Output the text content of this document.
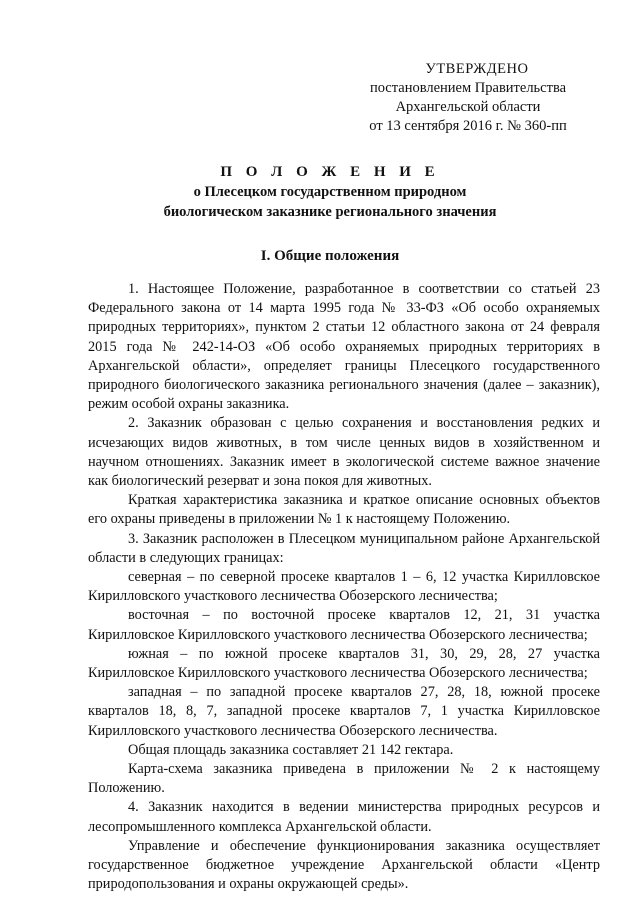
УТВЕРЖДЕНО
постановлением Правительства
Архангельской области
от 13 сентября 2016 г. № 360-пп
П О Л О Ж Е Н И Е
о Плесецком государственном природном
биологическом заказнике регионального значения
I. Общие положения

1. Настоящее Положение, разработанное в соответствии со статьей 23 Федерального закона от 14 марта 1995 года № 33-ФЗ «Об особо охраняемых природных территориях», пунктом 2 статьи 12 областного закона от 24 февраля 2015 года № 242-14-ОЗ «Об особо охраняемых природных территориях в Архангельской области», определяет границы Плесецкого государственного природного биологического заказника регионального значения (далее – заказник), режим особой охраны заказника.

2. Заказник образован с целью сохранения и восстановления редких и исчезающих видов животных, в том числе ценных видов в хозяйственном и научном отношениях. Заказник имеет в экологической системе важное значение как биологический резерват и зона покоя для животных.

Краткая характеристика заказника и краткое описание основных объектов его охраны приведены в приложении № 1 к настоящему Положению.

3. Заказник расположен в Плесецком муниципальном районе Архангельской области в следующих границах:

северная – по северной просеке кварталов 1 – 6, 12 участка Кирилловское Кирилловского участкового лесничества Обозерского лесничества;

восточная – по восточной просеке кварталов 12, 21, 31 участка Кирилловское Кирилловского участкового лесничества Обозерского лесничества;

южная – по южной просеке кварталов 31, 30, 29, 28, 27 участка Кирилловское Кирилловского участкового лесничества Обозерского лесничества;

западная – по западной просеке кварталов 27, 28, 18, южной просеке кварталов 18, 8, 7, западной просеке кварталов 7, 1 участка Кирилловское Кирилловского участкового лесничества Обозерского лесничества.

Общая площадь заказника составляет 21 142 гектара.

Карта-схема заказника приведена в приложении № 2 к настоящему Положению.

4. Заказник находится в ведении министерства природных ресурсов и лесопромышленного комплекса Архангельской области.

Управление и обеспечение функционирования заказника осуществляет государственное бюджетное учреждение Архангельской области «Центр природопользования и охраны окружающей среды».
